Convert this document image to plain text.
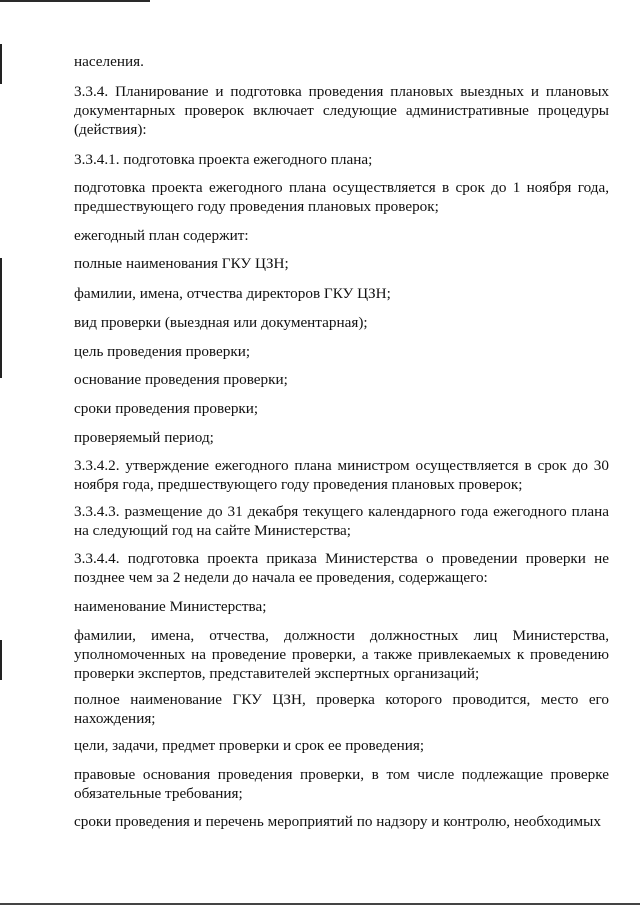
населения.

3.3.4. Планирование и подготовка проведения плановых выездных и плановых документарных проверок включает следующие административные процедуры (действия):

3.3.4.1. подготовка проекта ежегодного плана;

подготовка проекта ежегодного плана осуществляется в срок до 1 ноября года, предшествующего году проведения плановых проверок;

ежегодный план содержит:

полные наименования ГКУ ЦЗН;

фамилии, имена, отчества директоров ГКУ ЦЗН;

вид проверки (выездная или документарная);

цель проведения проверки;

основание проведения проверки;

сроки проведения проверки;

проверяемый период;

3.3.4.2. утверждение ежегодного плана министром осуществляется в срок до 30 ноября года, предшествующего году проведения плановых проверок;

3.3.4.3. размещение до 31 декабря текущего календарного года ежегодного плана на следующий год на сайте Министерства;

3.3.4.4. подготовка проекта приказа Министерства о проведении проверки не позднее чем за 2 недели до начала ее проведения, содержащего:

наименование Министерства;

фамилии, имена, отчества, должности должностных лиц Министерства, уполномоченных на проведение проверки, а также привлекаемых к проведению проверки экспертов, представителей экспертных организаций;

полное наименование ГКУ ЦЗН, проверка которого проводится, место его нахождения;

цели, задачи, предмет проверки и срок ее проведения;

правовые основания проведения проверки, в том числе подлежащие проверке обязательные требования;

сроки проведения и перечень мероприятий по надзору и контролю, необходимых
